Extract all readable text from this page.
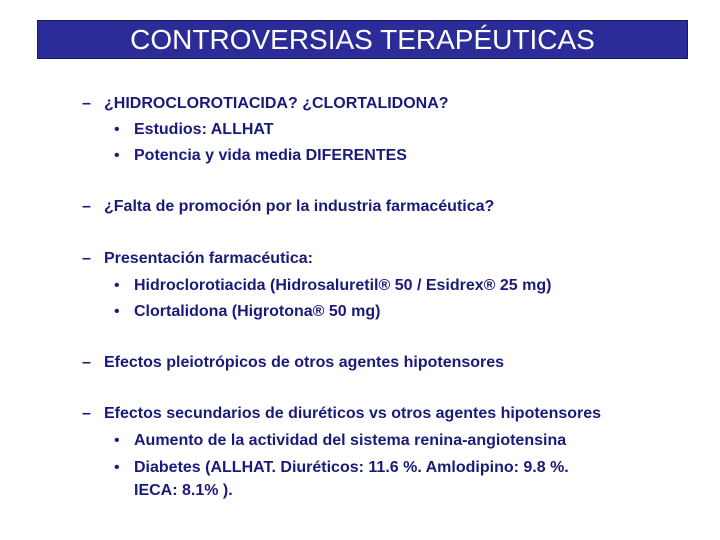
CONTROVERSIAS TERAPÉUTICAS
– ¿HIDROCLOROTIACIDA? ¿CLORTALIDONA?
• Estudios: ALLHAT
• Potencia y vida media DIFERENTES
– ¿Falta de promoción por la industria farmacéutica?
– Presentación farmacéutica:
• Hidroclorotiacida (Hidrosaluretil® 50 / Esidrex® 25 mg)
• Clortalidona (Higrotona® 50 mg)
– Efectos pleiotrópicos de otros agentes hipotensores
– Efectos secundarios de diuréticos vs otros agentes hipotensores
• Aumento de la actividad del sistema renina-angiotensina
• Diabetes (ALLHAT. Diuréticos: 11.6 %. Amlodipino: 9.8 %.
IECA: 8.1% ).
